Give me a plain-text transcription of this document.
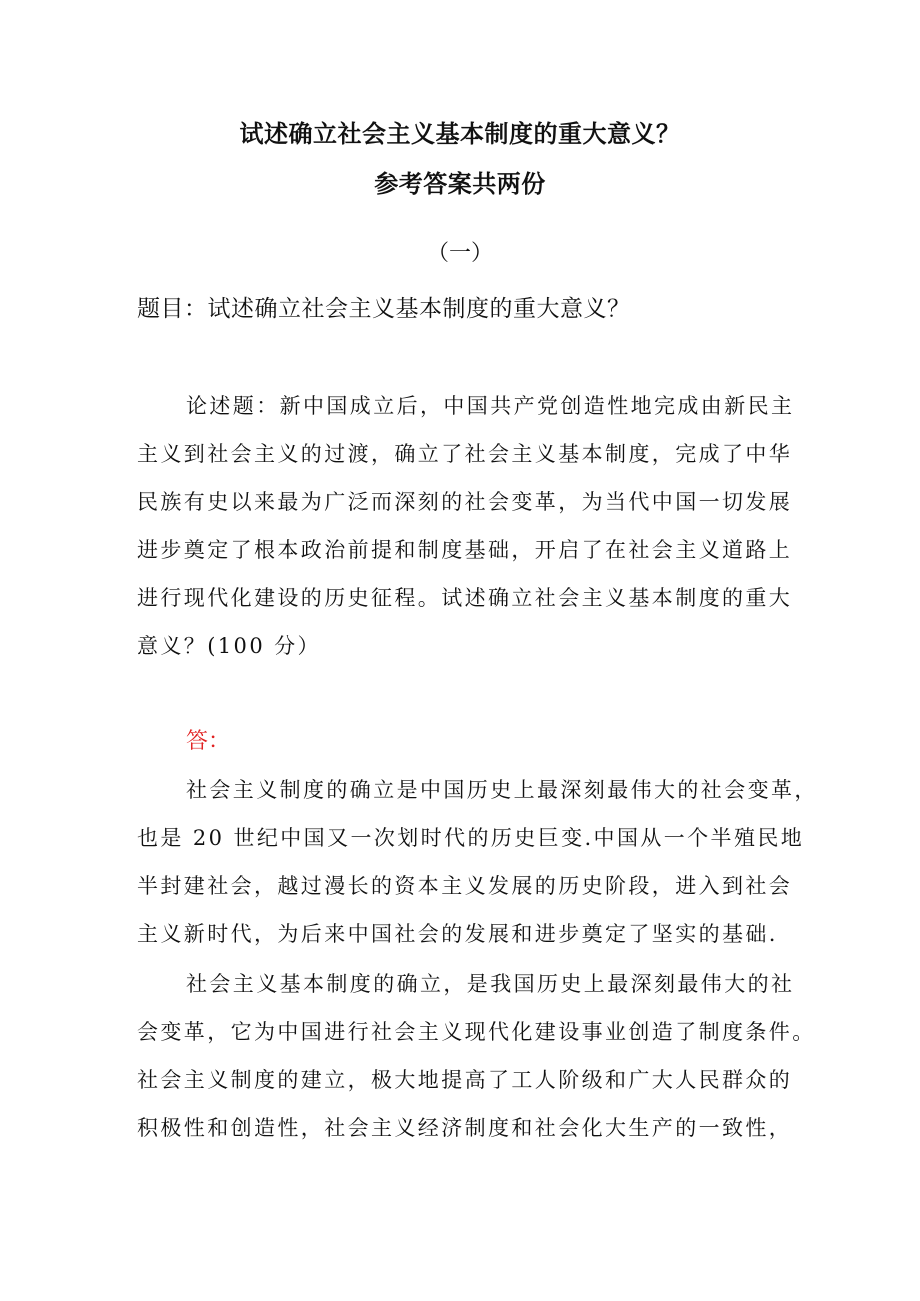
试述确立社会主义基本制度的重大意义？
参考答案共两份
（一）
题目：试述确立社会主义基本制度的重大意义？
论述题：新中国成立后，中国共产党创造性地完成由新民主
主义到社会主义的过渡，确立了社会主义基本制度，完成了中华
民族有史以来最为广泛而深刻的社会变革，为当代中国一切发展
进步奠定了根本政治前提和制度基础，开启了在社会主义道路上
进行现代化建设的历史征程。试述确立社会主义基本制度的重大
意义？(100 分）
答：
社会主义制度的确立是中国历史上最深刻最伟大的社会变革，
也是 20 世纪中国又一次划时代的历史巨变.中国从一个半殖民地
半封建社会，越过漫长的资本主义发展的历史阶段，进入到社会
主义新时代，为后来中国社会的发展和进步奠定了坚实的基础.
社会主义基本制度的确立，是我国历史上最深刻最伟大的社
会变革，它为中国进行社会主义现代化建设事业创造了制度条件。
社会主义制度的建立，极大地提高了工人阶级和广大人民群众的
积极性和创造性，社会主义经济制度和社会化大生产的一致性，
